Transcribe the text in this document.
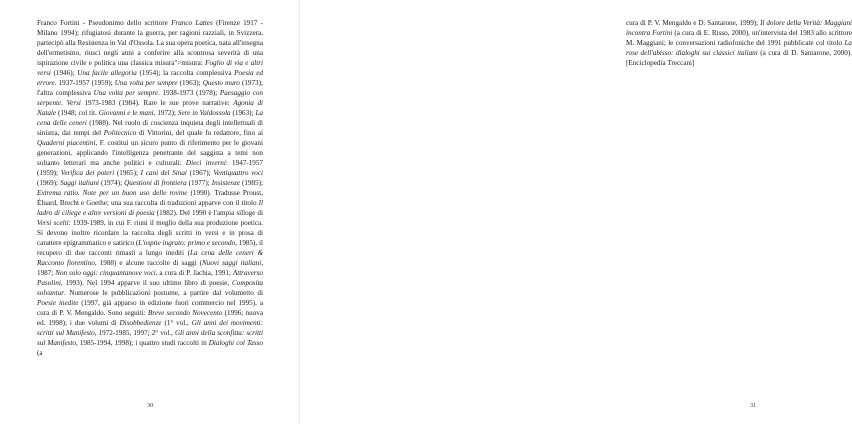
Franco Fortini - Pseudonimo dello scrittore Franco Lattes (Firenze 1917 - Milano 1994); rifugiatosi durante la guerra, per ragioni razziali, in Svizzera, partecipò alla Resistenza in Val d'Ossola. La sua opera poetica, nata all'insegna dell'ermetismo, riuscì negli anni a conferire alla scontrosa severità di una ispirazione civile e politica una classica misura">misura: Foglio di via e altri versi (1946); Una facile allegoria (1954); la raccolta complessiva Poesia ed errore. 1937-1957 (1959); Una volta per sempre (1963); Questo muro (1973); l'altra complessiva Una volta per sempre. 1938-1973 (1978); Paesaggio con serpente. Versi 1973-1983 (1984). Rare le sue prove narrative: Agonia di Natale (1948; col tit. Giovanni e le mani, 1972); Sere in Valdossola (1963); La cena delle ceneri (1988). Nel ruolo di coscienza inquieta degli intellettuali di sinistra, dai tempi del Politecnico di Vittorini, del quale fu redattore, fino ai Quaderni piacentini, F. costituì un sicuro punto di riferimento per le giovani generazioni, applicando l'intelligenza penetrante del saggista a temi non soltanto letterari ma anche politici e culturali: Dieci inverni: 1947-1957 (1959); Verifica dei poteri (1965); I cani del Sinai (1967); Ventiquattro voci (1969); Saggi italiani (1974); Questioni di frontiera (1977); Insistenze (1985); Extrema ratio. Note per un buon uso delle rovine (1990). Tradusse Proust, Éluard, Brecht e Goethe; una sua raccolta di traduzioni apparve con il titolo Il ladro di ciliege e altre versioni di poesia (1982). Del 1990 è l'ampia silloge di Versi scelti: 1939-1989, in cui F. riunì il meglio della sua produzione poetica. Si devono inoltre ricordare la raccolta degli scritti in versi e in prosa di carattere epigrammatico e satirico (L'ospite ingrato: primo e secondo, 1985), il recupero di due racconti rimasti a lungo inediti (La cena delle ceneri & Racconto fiorentino, 1988) e alcune raccolte di saggi (Nuovi saggi italiani, 1987; Non solo oggi: cinquantanove voci, a cura di P. Jachia, 1991; Attraverso Pasolini, 1993). Nel 1994 apparve il suo ultimo libro di poesie, Composita solvantur. Numerose le pubblicazioni postume, a partire dal volumetto di Poesie inedite (1997, già apparso in edizione fuori commercio nel 1995), a cura di P. V. Mengaldo. Sono seguiti: Breve secondo Novecento (1996; nuova ed. 1998); i due volumi di Disobbedienze (1° vol., Gli anni dei movimenti: scritti sul Manifesto, 1972-1985, 1997; 2° vol., Gli anni della sconfitta: scritti sul Manifesto, 1985-1994, 1998); i quattro studi raccolti in Dialoghi col Tasso (a

30

cura di P. V. Mengaldo e D. Santarone, 1999); Il dolore della Verità: Maggiani incontra Fortini (a cura di E. Risso, 2000), un'intervista del 1983 allo scrittore M. Maggiani; le conversazioni radiofoniche del 1991 pubblicate col titolo La rose dell'abisso: dialoghi sui classici italiani (a cura di D. Santarone, 2000). [Enciclopedia Treccani]

31
